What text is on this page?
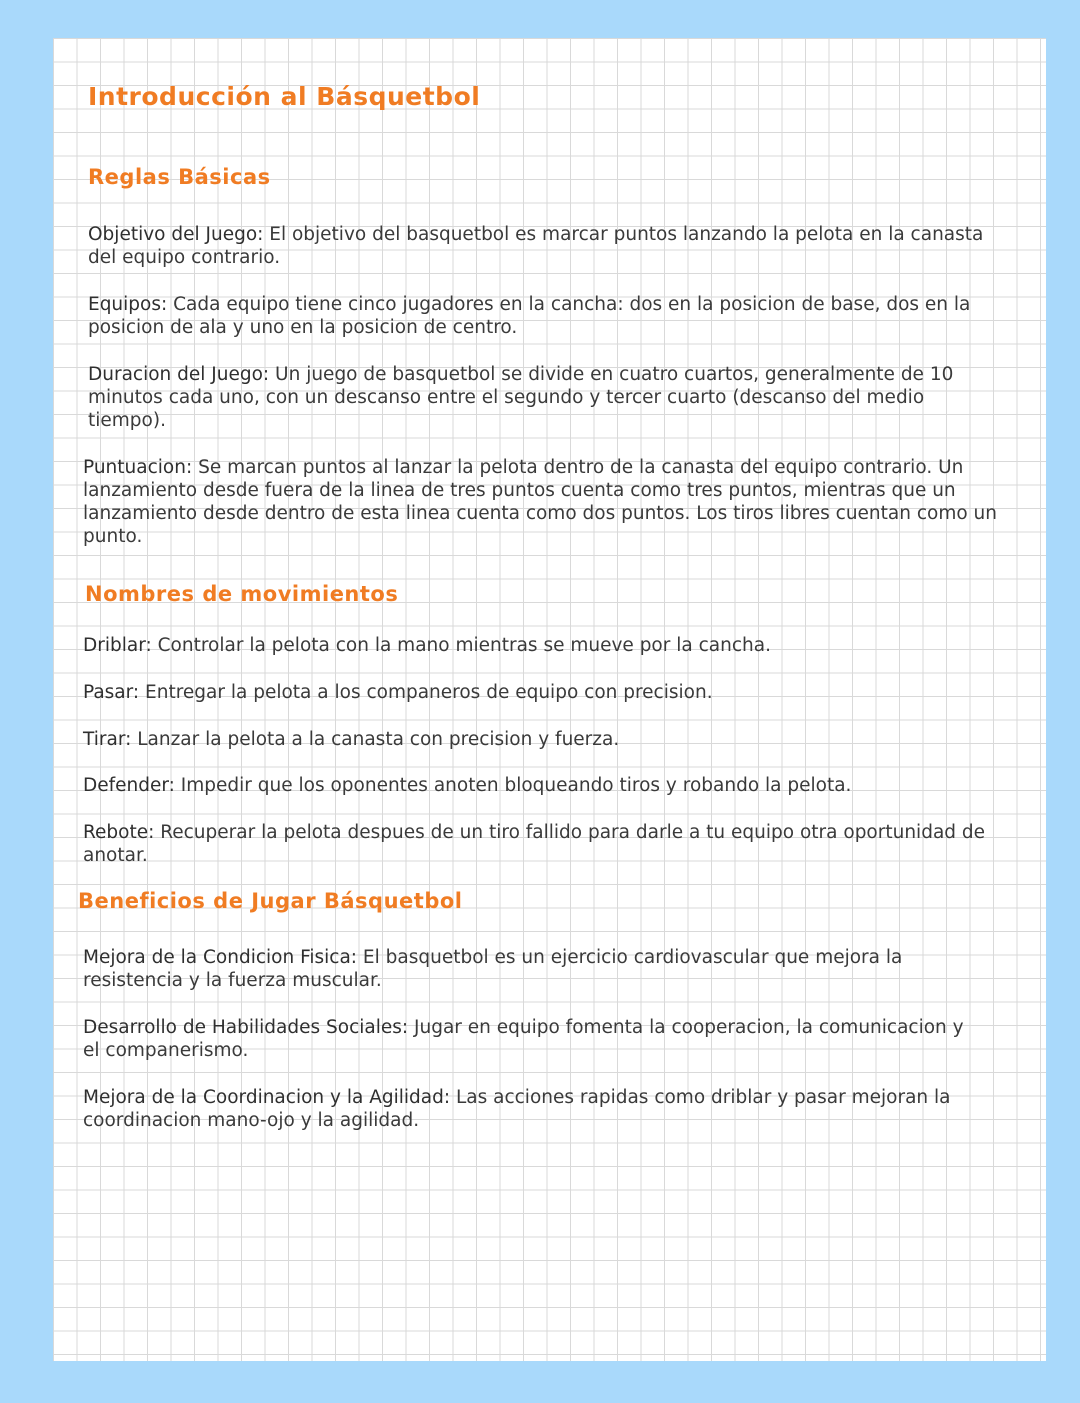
Introducción al Básquetbol
Reglas Básicas

Objetivo del Juego: El objetivo del basquetbol es marcar puntos lanzando la pelota en la canasta del equipo contrario.

Equipos: Cada equipo tiene cinco jugadores en la cancha: dos en la posicion de base, dos en la posicion de ala y uno en la posicion de centro.

Duracion del Juego: Un juego de basquetbol se divide en cuatro cuartos, generalmente de 10 minutos cada uno, con un descanso entre el segundo y tercer cuarto (descanso del medio tiempo).

Puntuacion: Se marcan puntos al lanzar la pelota dentro de la canasta del equipo contrario. Un lanzamiento desde fuera de la linea de tres puntos cuenta como tres puntos, mientras que un lanzamiento desde dentro de esta linea cuenta como dos puntos. Los tiros libres cuentan como un punto.

Nombres de movimientos

Driblar: Controlar la pelota con la mano mientras se mueve por la cancha.

Pasar: Entregar la pelota a los companeros de equipo con precision.

Tirar: Lanzar la pelota a la canasta con precision y fuerza.

Defender: Impedir que los oponentes anoten bloqueando tiros y robando la pelota.

Rebote: Recuperar la pelota despues de un tiro fallido para darle a tu equipo otra oportunidad de anotar.

Beneficios de Jugar Básquetbol

Mejora de la Condicion Fisica: El basquetbol es un ejercicio cardiovascular que mejora la resistencia y la fuerza muscular.

Desarrollo de Habilidades Sociales: Jugar en equipo fomenta la cooperacion, la comunicacion y el companerismo.

Mejora de la Coordinacion y la Agilidad: Las acciones rapidas como driblar y pasar mejoran la coordinacion mano-ojo y la agilidad.
